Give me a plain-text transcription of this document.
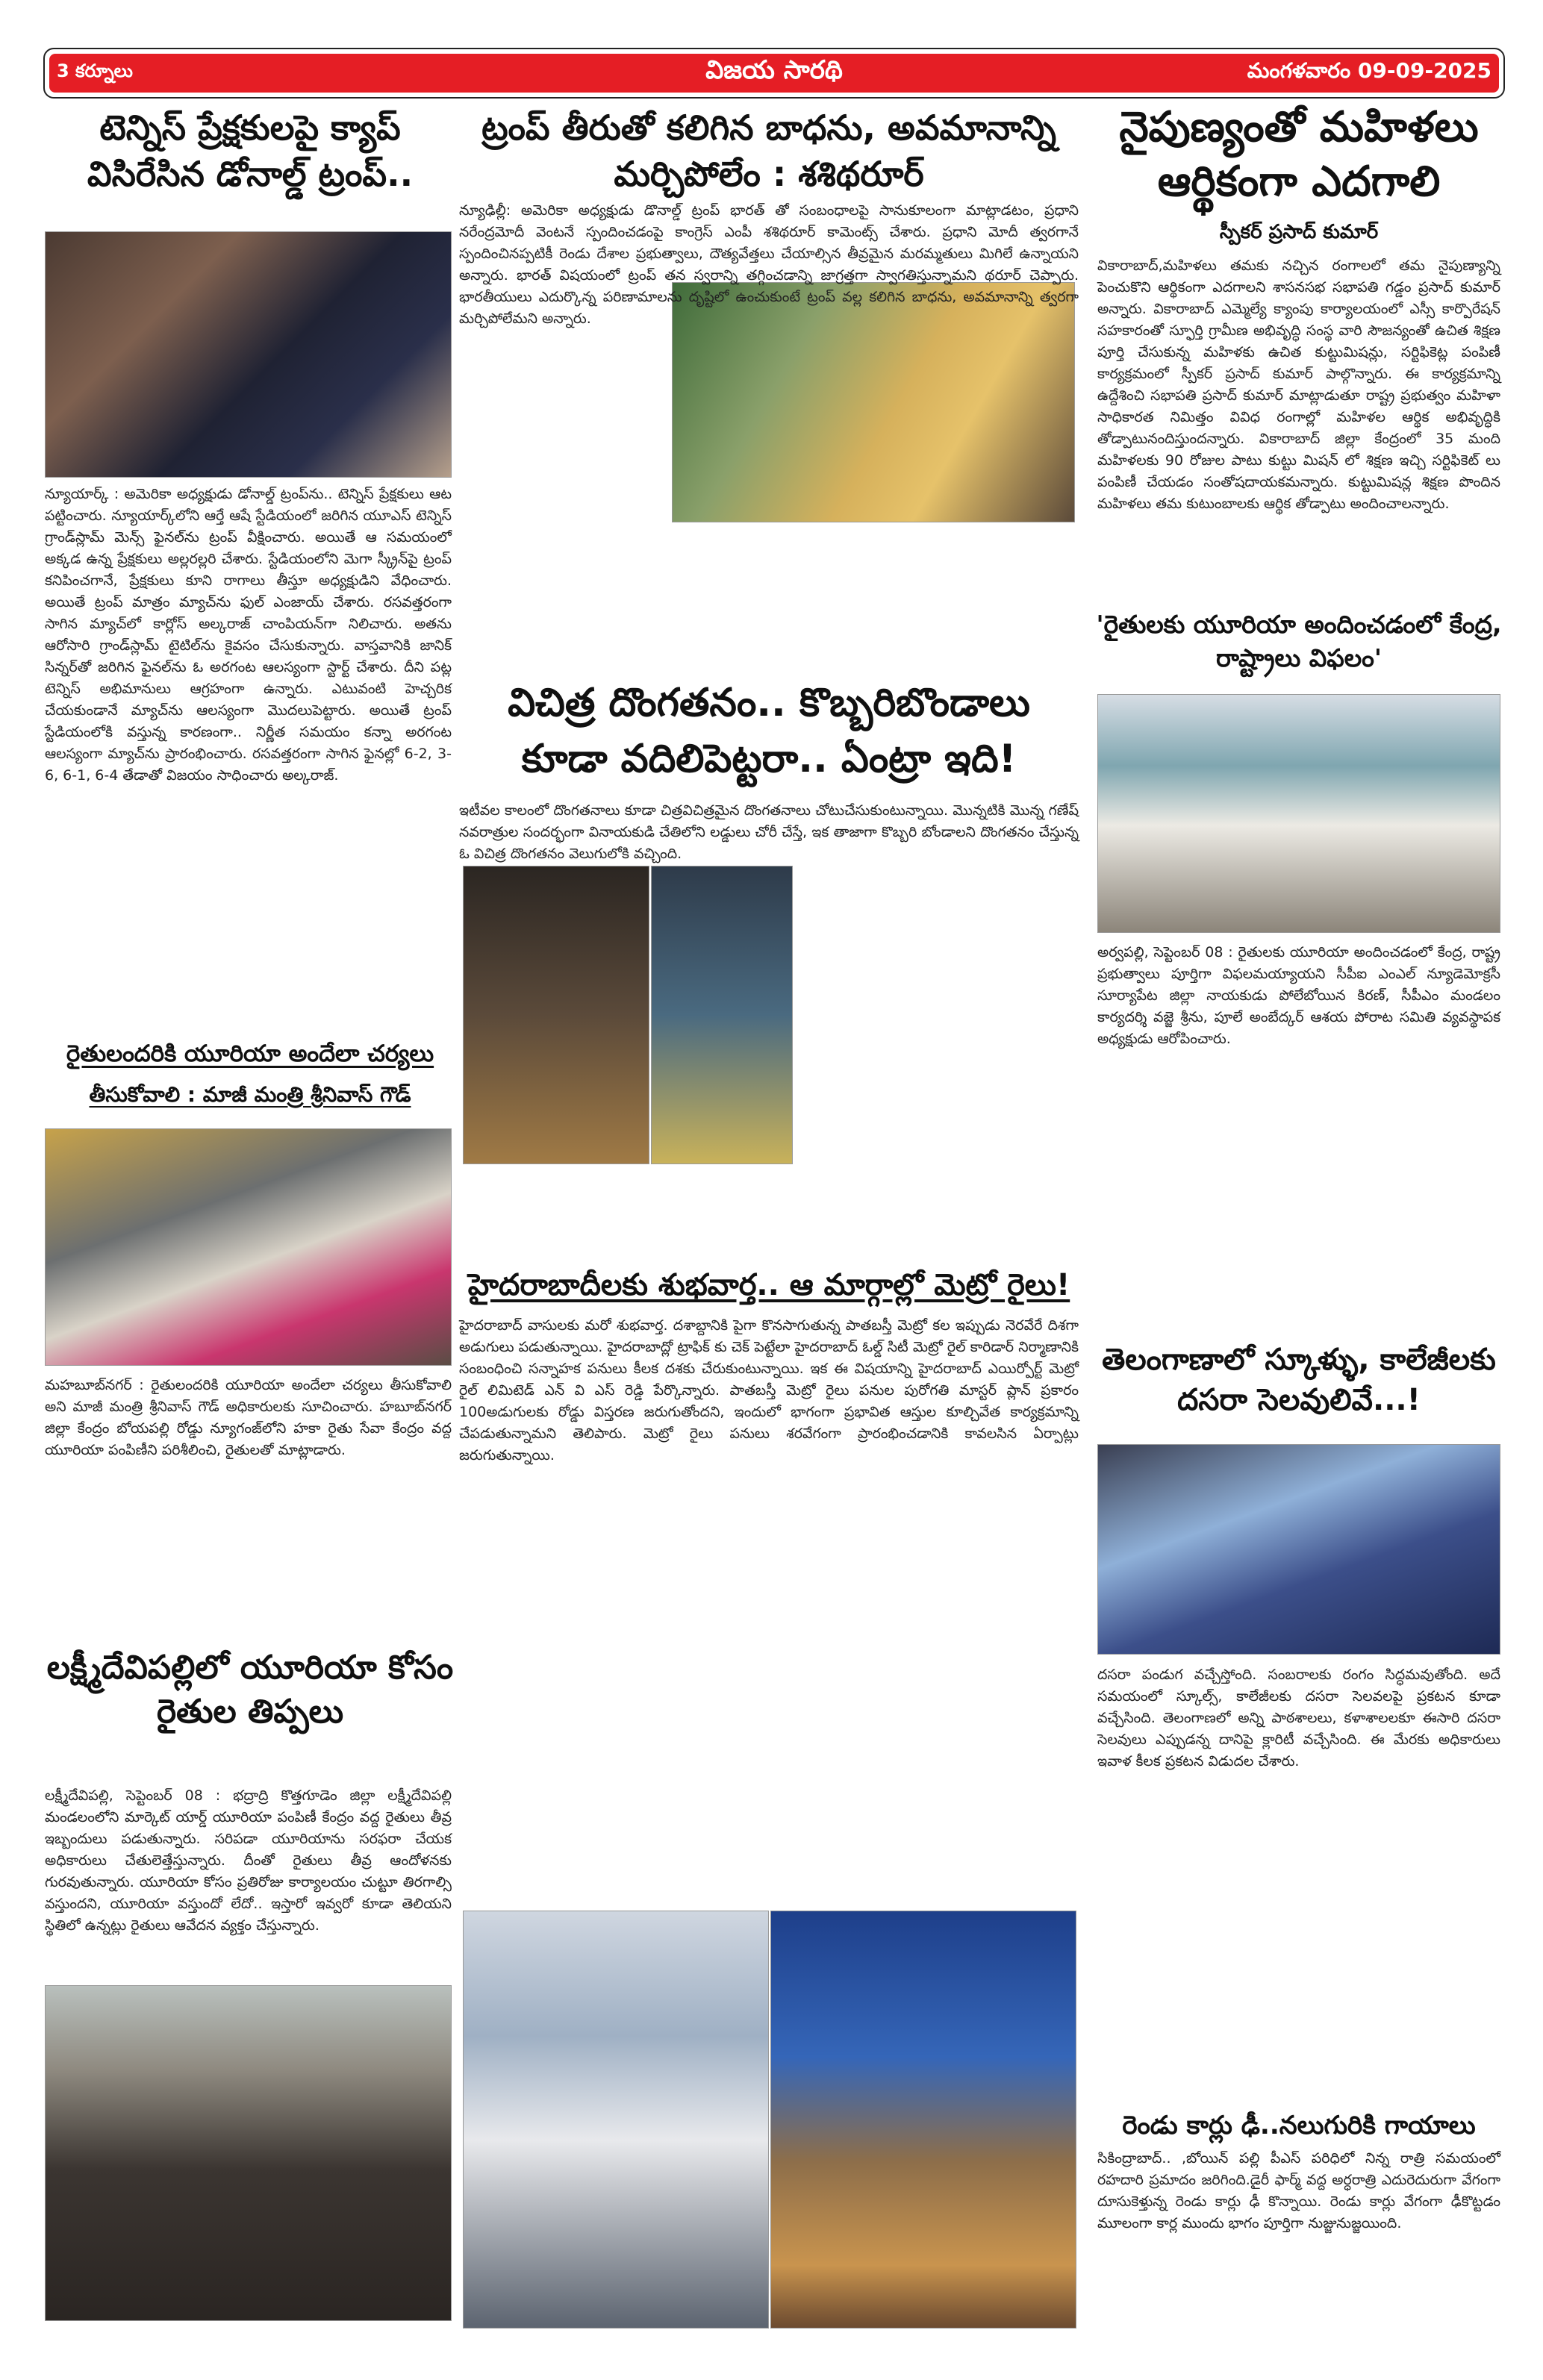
3 కర్నూలు	విజయ సారథి	మంగళవారం 09-09-2025
టెన్నిస్ ప్రేక్షకులపై క్యాప్ విసిరేసిన డోనాల్డ్ ట్రంప్..
న్యూయార్క్ : అమెరికా అధ్యక్షుడు డోనాల్డ్ ట్రంప్‌ను.. టెన్నిస్ ప్రేక్షకులు ఆట పట్టించారు. న్యూయార్క్‌లోని ఆర్తే ఆషే స్టేడియంలో జరిగిన యూఎస్ టెన్నిస్ గ్రాండ్‌స్లామ్ మెన్స్ ఫైనల్‌ను ట్రంప్ వీక్షించారు. అయితే ఆ సమయంలో అక్కడ ఉన్న ప్రేక్షకులు అల్లరల్లరి చేశారు. స్టేడియంలోని మెగా స్క్రీన్‌పై ట్రంప్ కనిపించగానే, ప్రేక్షకులు కూని రాగాలు తీస్తూ అధ్యక్షుడిని వేధించారు. అయితే ట్రంప్ మాత్రం మ్యాచ్‌ను ఫుల్ ఎంజాయ్ చేశారు. రసవత్తరంగా సాగిన మ్యాచ్‌లో కార్లోస్ అల్కరాజ్ చాంపియన్‌గా నిలిచారు. అతను ఆరోసారి గ్రాండ్‌స్లామ్ టైటిల్‌ను కైవసం చేసుకున్నారు. వాస్తవానికి జానిక్ సిన్నర్‌తో జరిగిన ఫైనల్‌ను ఓ అరగంట ఆలస్యంగా స్టార్ట్ చేశారు. దీని పట్ల టెన్నిస్ అభిమానులు ఆగ్రహంగా ఉన్నారు. ఎటువంటి హెచ్చరిక చేయకుండానే మ్యాచ్‌ను ఆలస్యంగా మొదలుపెట్టారు. అయితే ట్రంప్ స్టేడియంలోకి వస్తున్న కారణంగా.. నిర్ణీత సమయం కన్నా అరగంట ఆలస్యంగా మ్యాచ్‌ను ప్రారంభించారు. రసవత్తరంగా సాగిన ఫైనల్లో 6-2, 3-6, 6-1, 6-4 తేడాతో విజయం సాధించారు అల్కరాజ్.
రైతులందరికి యూరియా అందేలా చర్యలు
తీసుకోవాలి : మాజీ మంత్రి శ్రీనివాస్ గౌడ్
మహబూబ్‌నగర్ : రైతులందరికి యూరియా అందేలా చర్యలు తీసుకోవాలి అని మాజీ మంత్రి శ్రీనివాస్ గౌడ్ అధికారులకు సూచించారు. హబూబ్‌నగర్ జిల్లా కేంద్రం బోయపల్లి రోడ్డు న్యూగంజ్‌లోని హకా రైతు సేవా కేంద్రం వద్ద యూరియా పంపిణీని పరిశీలించి, రైతులతో మాట్లాడారు.
లక్ష్మీదేవిపల్లిలో యూరియా కోసం రైతుల తిప్పలు
లక్ష్మీదేవిపల్లి, సెప్టెంబర్ 08 : భద్రాద్రి కొత్తగూడెం జిల్లా లక్ష్మీదేవిపల్లి మండలంలోని మార్కెట్ యార్డ్ యూరియా పంపిణీ కేంద్రం వద్ద రైతులు తీవ్ర ఇబ్బందులు పడుతున్నారు. సరిపడా యూరియాను సరఫరా చేయక అధికారులు చేతులెత్తేస్తున్నారు. దీంతో రైతులు తీవ్ర ఆందోళనకు గురవుతున్నారు. యూరియా కోసం ప్రతిరోజు కార్యాలయం చుట్టూ తిరగాల్సి వస్తుందని, యూరియా వస్తుందో లేదో.. ఇస్తారో ఇవ్వరో కూడా తెలియని స్థితిలో ఉన్నట్లు రైతులు ఆవేదన వ్యక్తం చేస్తున్నారు.
ట్రంప్ తీరుతో కలిగిన బాధను, అవమానాన్ని మర్చిపోలేం : శశిథరూర్
న్యూఢిల్లీ: అమెరికా అధ్యక్షుడు డొనాల్డ్ ట్రంప్ భారత్ తో సంబంధాలపై సానుకూలంగా మాట్లాడటం, ప్రధాని నరేంద్రమోదీ వెంటనే స్పందించడంపై కాంగ్రెస్ ఎంపీ శశిథరూర్ కామెంట్స్ చేశారు. ప్రధాని మోదీ త్వరగానే స్పందించినప్పటికీ రెండు దేశాల ప్రభుత్వాలు, దౌత్యవేత్తలు చేయాల్సిన తీవ్రమైన మరమ్మతులు మిగిలే ఉన్నాయని అన్నారు. భారత్ విషయంలో ట్రంప్ తన స్వరాన్ని తగ్గించడాన్ని జాగ్రత్తగా స్వాగతిస్తున్నామని థరూర్ చెప్పారు. భారతీయులు ఎదుర్కొన్న పరిణామాలను దృష్టిలో ఉంచుకుంటే ట్రంప్ వల్ల కలిగిన బాధను, అవమానాన్ని త్వరగా మర్చిపోలేమని అన్నారు.
విచిత్ర దొంగతనం.. కొబ్బరిబొండాలు కూడా వదిలిపెట్టరా.. ఏంట్రా ఇది!
ఇటీవల కాలంలో దొంగతనాలు కూడా చిత్రవిచిత్రమైన దొంగతనాలు చోటుచేసుకుంటున్నాయి. మొన్నటికి మొన్న గణేష్ నవరాత్రుల సందర్భంగా వినాయకుడి చేతిలోని లడ్డులు చోరీ చేస్తే, ఇక తాజాగా కొబ్బరి బోండాలని దొంగతనం చేస్తున్న ఓ విచిత్ర దొంగతనం వెలుగులోకి వచ్చింది.
హైదరాబాదీలకు శుభవార్త.. ఆ మార్గాల్లో మెట్రో రైలు!
హైదరాబాద్ వాసులకు మరో శుభవార్త. దశాబ్దానికి పైగా కొనసాగుతున్న పాతబస్తీ మెట్రో కల ఇప్పుడు నెరవేరే దిశగా అడుగులు పడుతున్నాయి. హైదరాబాద్లో ట్రాఫిక్ కు చెక్ పెట్టేలా హైదరాబాద్ ఓల్డ్ సిటీ మెట్రో రైల్ కారిడార్ నిర్మాణానికి సంబంధించి సన్నాహక పనులు కీలక దశకు చేరుకుంటున్నాయి. ఇక ఈ విషయాన్ని హైదరాబాద్ ఎయిర్పోర్ట్ మెట్రో రైల్ లిమిటెడ్ ఎన్ వి ఎస్ రెడ్డి పేర్కొన్నారు. పాతబస్తీ మెట్రో రైలు పనుల పురోగతి మాస్టర్ ప్లాన్ ప్రకారం 100అడుగులకు రోడ్డు విస్తరణ జరుగుతోందని, ఇందులో భాగంగా ప్రభావిత ఆస్తుల కూల్చివేత కార్యక్రమాన్ని చేపడుతున్నామని తెలిపారు. మెట్రో రైలు పనులు శరవేగంగా ప్రారంభించడానికి కావలసిన ఏర్పాట్లు జరుగుతున్నాయి.
నైపుణ్యంతో మహిళలు ఆర్థికంగా ఎదగాలి
స్పీకర్ ప్రసాద్ కుమార్
వికారాబాద్,మహిళలు తమకు నచ్చిన రంగాలలో తమ నైపుణ్యాన్ని పెంచుకొని ఆర్థికంగా ఎదగాలని శాసనసభ సభాపతి గడ్డం ప్రసాద్ కుమార్ అన్నారు. వికారాబాద్ ఎమ్మెల్యే క్యాంపు కార్యాలయంలో ఎస్సీ కార్పొరేషన్ సహకారంతో స్ఫూర్తి గ్రామీణ అభివృద్ధి సంస్థ వారి సౌజన్యంతో ఉచిత శిక్షణ పూర్తి చేసుకున్న మహిళకు ఉచిత కుట్టుమిషన్లు, సర్టిఫికెట్ల పంపిణీ కార్యక్రమంలో స్పీకర్ ప్రసాద్ కుమార్ పాల్గొన్నారు. ఈ కార్యక్రమాన్ని ఉద్దేశించి సభాపతి ప్రసాద్ కుమార్ మాట్లాడుతూ రాష్ట్ర ప్రభుత్వం మహిళా సాధికారత నిమిత్తం వివిధ రంగాల్లో మహిళల ఆర్థిక అభివృద్ధికి తోడ్పాటునందిస్తుందన్నారు. వికారాబాద్ జిల్లా కేంద్రంలో 35 మంది మహిళలకు 90 రోజుల పాటు కుట్టు మిషన్ లో శిక్షణ ఇచ్చి సర్టిఫికెట్ లు పంపిణీ చేయడం సంతోషదాయకమన్నారు. కుట్టుమిషన్ల శిక్షణ పొందిన మహిళలు తమ కుటుంబాలకు ఆర్థిక తోడ్పాటు అందించాలన్నారు.
'రైతులకు యూరియా అందించడంలో కేంద్ర, రాష్ట్రాలు విఫలం'
అర్వపల్లి, సెప్టెంబర్ 08 : రైతులకు యూరియా అందించడంలో కేంద్ర, రాష్ట్ర ప్రభుత్వాలు పూర్తిగా విఫలమయ్యాయని సీపీఐ ఎంఎల్ న్యూడెమోక్రసీ సూర్యాపేట జిల్లా నాయకుడు పోలేబోయిన కిరణ్, సీపీఎం మండలం కార్యదర్శి వజ్జె శ్రీను, పూలే అంబేద్కర్ ఆశయ పోరాట సమితి వ్యవస్థాపక అధ్యక్షుడు ఆరోపించారు.
తెలంగాణాలో స్కూళ్ళు, కాలేజీలకు దసరా సెలవులివే...!
దసరా పండుగ వచ్చేస్తోంది. సంబరాలకు రంగం సిద్ధమవుతోంది. అదే సమయంలో స్కూల్స్, కాలేజీలకు దసరా సెలవలపై ప్రకటన కూడా వచ్చేసింది. తెలంగాణలో అన్ని పాఠశాలలు, కళాశాలలకూ ఈసారి దసరా సెలవులు ఎప్పుడన్న దానిపై క్లారిటీ వచ్చేసింది. ఈ మేరకు అధికారులు ఇవాళ కీలక ప్రకటన విడుదల చేశారు.
రెండు కార్లు ఢీ..నలుగురికి గాయాలు
సికింద్రాబాద్.. ,బోయిన్ పల్లి పీఎస్ పరిధిలో నిన్న రాత్రి సమయంలో రహదారి ప్రమాదం జరిగింది.డైరీ ఫార్మ్ వద్ద అర్ధరాత్రి ఎదురెదురుగా వేగంగా దూసుకెళ్తున్న రెండు కార్లు ఢీ కొన్నాయి. రెండు కార్లు వేగంగా ఢీకొట్టడం మూలంగా కార్ల ముందు భాగం పూర్తిగా నుజ్జునుజ్జయింది.
